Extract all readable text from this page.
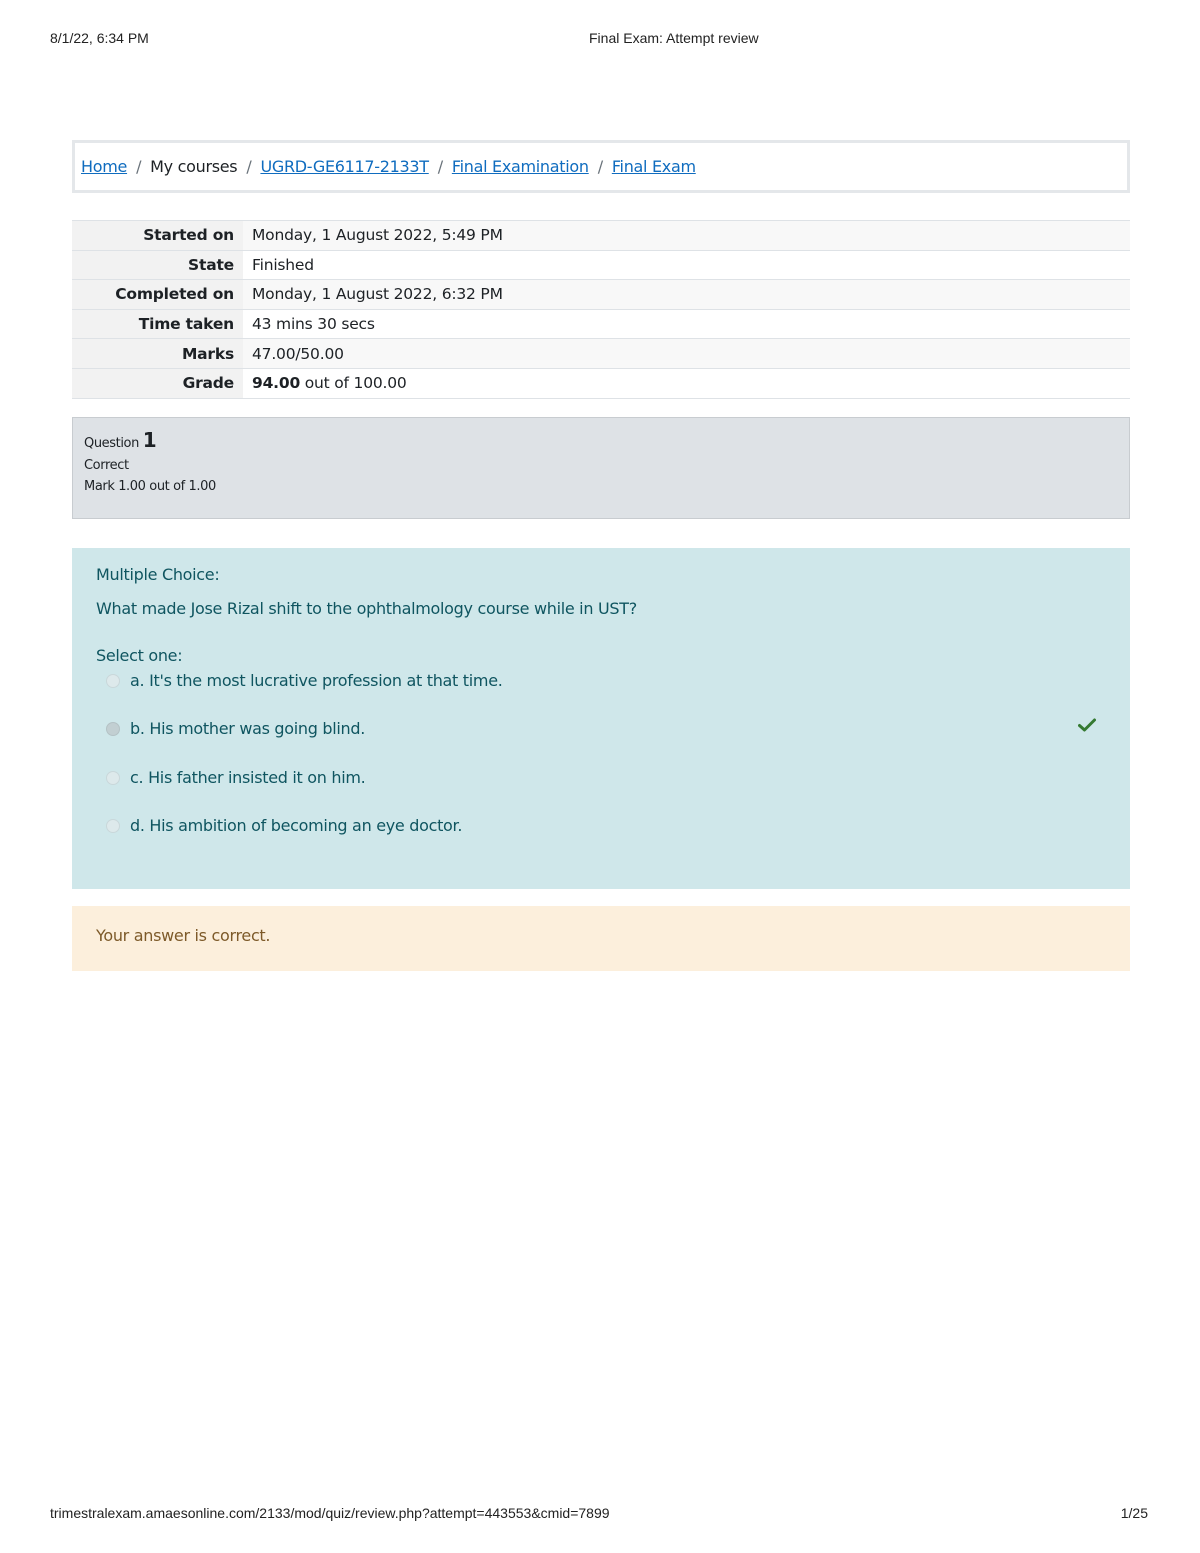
8/1/22, 6:34 PM	Final Exam: Attempt review
Home / My courses / UGRD-GE6117-2133T / Final Examination / Final Exam
Started on	Monday, 1 August 2022, 5:49 PM
State	Finished
Completed on	Monday, 1 August 2022, 6:32 PM
Time taken	43 mins 30 secs
Marks	47.00/50.00
Grade	94.00 out of 100.00
Question 1
Correct
Mark 1.00 out of 1.00
Multiple Choice:
What made Jose Rizal shift to the ophthalmology course while in UST?
Select one:
a. It's the most lucrative profession at that time.
b. His mother was going blind.
c. His father insisted it on him.
d. His ambition of becoming an eye doctor.
Your answer is correct.
trimestralexam.amaesonline.com/2133/mod/quiz/review.php?attempt=443553&cmid=7899	1/25
